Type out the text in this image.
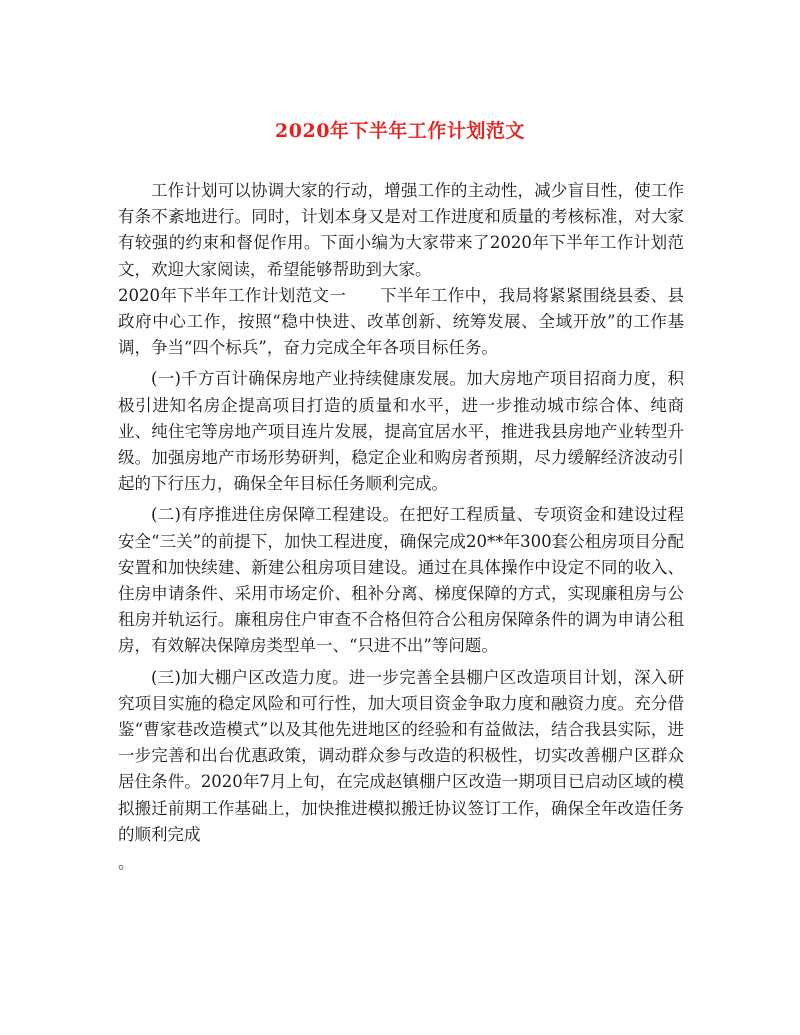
2020年下半年工作计划范文

工作计划可以协调大家的行动，增强工作的主动性，减少盲目性，使工作有条不紊地进行。同时，计划本身又是对工作进度和质量的考核标准，对大家有较强的约束和督促作用。下面小编为大家带来了2020年下半年工作计划范文，欢迎大家阅读，希望能够帮助到大家。

2020年下半年工作计划范文一　　下半年工作中，我局将紧紧围绕县委、县政府中心工作，按照“稳中快进、改革创新、统筹发展、全域开放”的工作基调，争当“四个标兵”，奋力完成全年各项目标任务。

(一)千方百计确保房地产业持续健康发展。加大房地产项目招商力度，积极引进知名房企提高项目打造的质量和水平，进一步推动城市综合体、纯商业、纯住宅等房地产项目连片发展，提高宜居水平，推进我县房地产业转型升级。加强房地产市场形势研判，稳定企业和购房者预期，尽力缓解经济波动引起的下行压力，确保全年目标任务顺利完成。

(二)有序推进住房保障工程建设。在把好工程质量、专项资金和建设过程安全“三关”的前提下，加快工程进度，确保完成20**年300套公租房项目分配安置和加快续建、新建公租房项目建设。通过在具体操作中设定不同的收入、住房申请条件、采用市场定价、租补分离、梯度保障的方式，实现廉租房与公租房并轨运行。廉租房住户审查不合格但符合公租房保障条件的调为申请公租房，有效解决保障房类型单一、“只进不出”等问题。

(三)加大棚户区改造力度。进一步完善全县棚户区改造项目计划，深入研究项目实施的稳定风险和可行性，加大项目资金争取力度和融资力度。充分借鉴“曹家巷改造模式”以及其他先进地区的经验和有益做法，结合我县实际，进一步完善和出台优惠政策，调动群众参与改造的积极性，切实改善棚户区群众居住条件。2020年7月上旬，在完成赵镇棚户区改造一期项目已启动区域的模拟搬迁前期工作基础上，加快推进模拟搬迁协议签订工作，确保全年改造任务的顺利完成

。
